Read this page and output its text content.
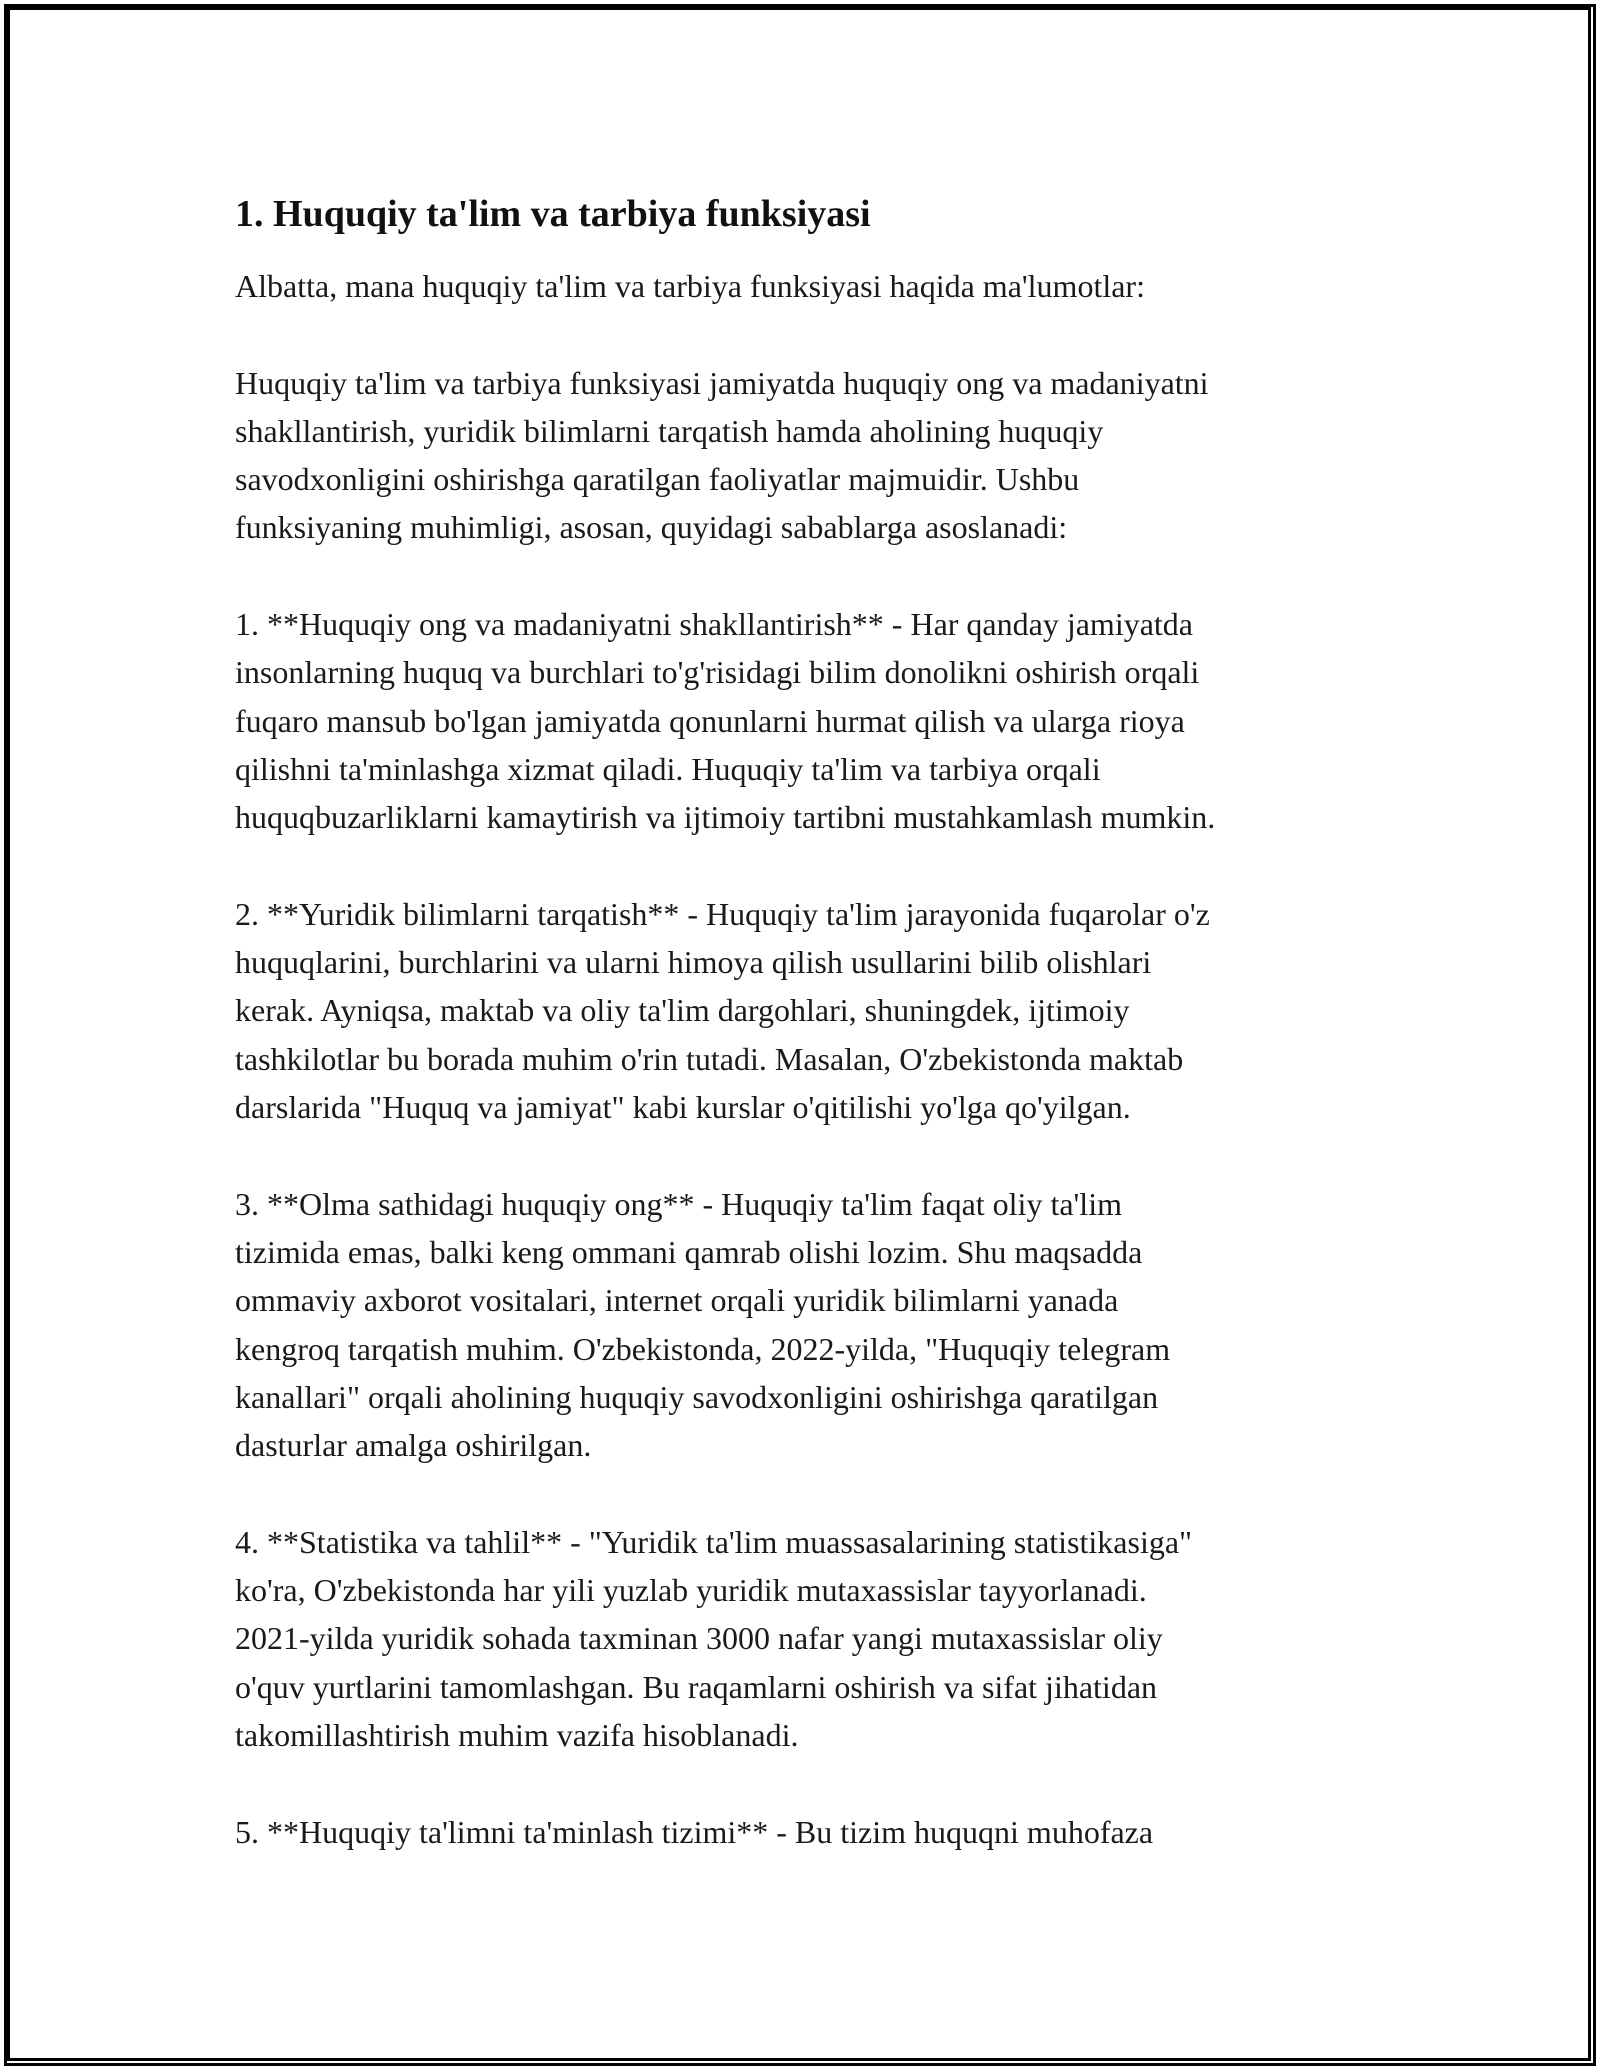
1. Huquqiy ta'lim va tarbiya funksiyasi

Albatta, mana huquqiy ta'lim va tarbiya funksiyasi haqida ma'lumotlar:

Huquqiy ta'lim va tarbiya funksiyasi jamiyatda huquqiy ong va madaniyatni
shakllantirish, yuridik bilimlarni tarqatish hamda aholining huquqiy
savodxonligini oshirishga qaratilgan faoliyatlar majmuidir. Ushbu
funksiyaning muhimligi, asosan, quyidagi sabablarga asoslanadi:

1. **Huquqiy ong va madaniyatni shakllantirish** - Har qanday jamiyatda
insonlarning huquq va burchlari to'g'risidagi bilim donolikni oshirish orqali
fuqaro mansub bo'lgan jamiyatda qonunlarni hurmat qilish va ularga rioya
qilishni ta'minlashga xizmat qiladi. Huquqiy ta'lim va tarbiya orqali
huquqbuzarliklarni kamaytirish va ijtimoiy tartibni mustahkamlash mumkin.

2. **Yuridik bilimlarni tarqatish** - Huquqiy ta'lim jarayonida fuqarolar o'z
huquqlarini, burchlarini va ularni himoya qilish usullarini bilib olishlari
kerak. Ayniqsa, maktab va oliy ta'lim dargohlari, shuningdek, ijtimoiy
tashkilotlar bu borada muhim o'rin tutadi. Masalan, O'zbekistonda maktab
darslarida "Huquq va jamiyat" kabi kurslar o'qitilishi yo'lga qo'yilgan.

3. **Olma sathidagi huquqiy ong** - Huquqiy ta'lim faqat oliy ta'lim
tizimida emas, balki keng ommani qamrab olishi lozim. Shu maqsadda
ommaviy axborot vositalari, internet orqali yuridik bilimlarni yanada
kengroq tarqatish muhim. O'zbekistonda, 2022-yilda, "Huquqiy telegram
kanallari" orqali aholining huquqiy savodxonligini oshirishga qaratilgan
dasturlar amalga oshirilgan.

4. **Statistika va tahlil** - "Yuridik ta'lim muassasalarining statistikasiga"
ko'ra, O'zbekistonda har yili yuzlab yuridik mutaxassislar tayyorlanadi.
2021-yilda yuridik sohada taxminan 3000 nafar yangi mutaxassislar oliy
o'quv yurtlarini tamomlashgan. Bu raqamlarni oshirish va sifat jihatidan
takomillashtirish muhim vazifa hisoblanadi.

5. **Huquqiy ta'limni ta'minlash tizimi** - Bu tizim huquqni muhofaza
